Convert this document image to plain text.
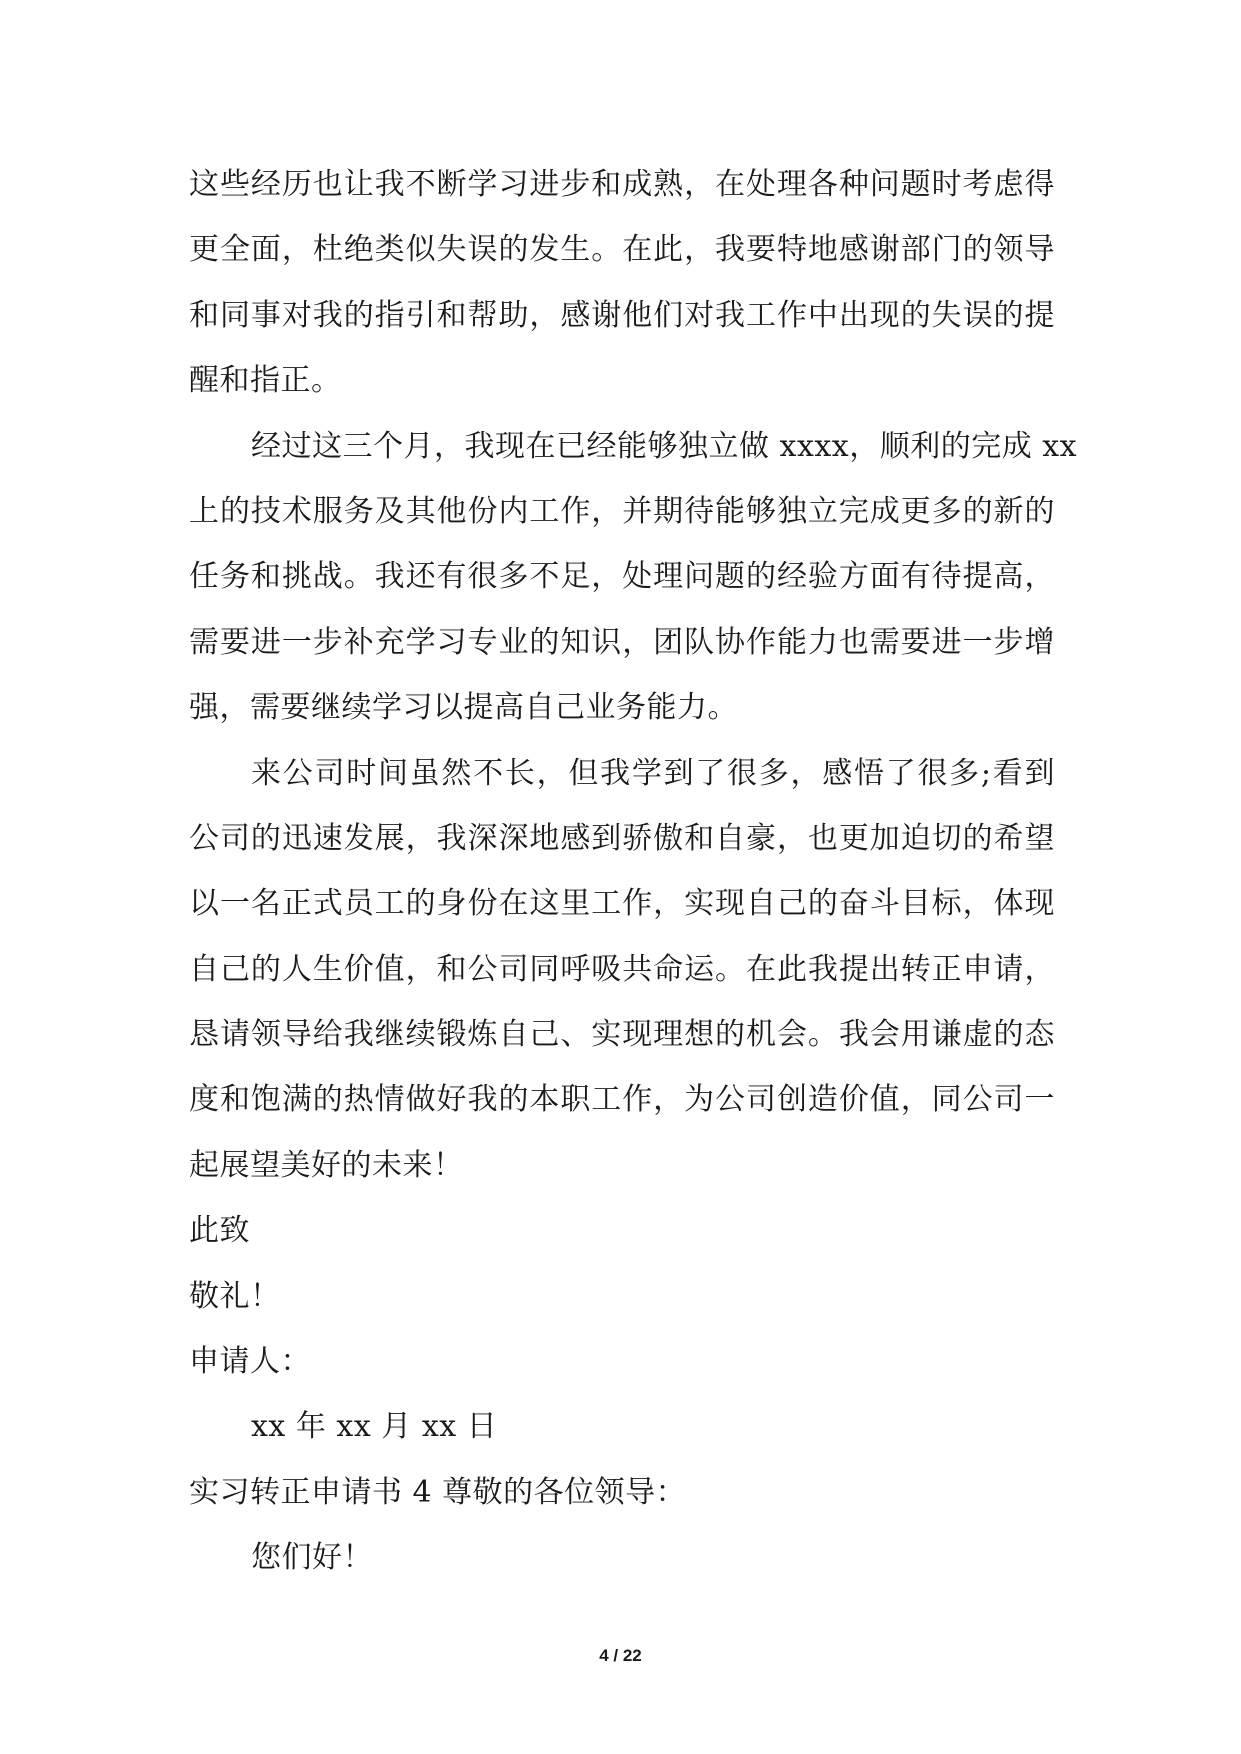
这些经历也让我不断学习进步和成熟，在处理各种问题时考虑得
更全面，杜绝类似失误的发生。在此，我要特地感谢部门的领导
和同事对我的指引和帮助，感谢他们对我工作中出现的失误的提
醒和指正。
经过这三个月，我现在已经能够独立做 xxxx，顺利的完成 xx
上的技术服务及其他份内工作，并期待能够独立完成更多的新的
任务和挑战。我还有很多不足，处理问题的经验方面有待提高，
需要进一步补充学习专业的知识，团队协作能力也需要进一步增
强，需要继续学习以提高自己业务能力。
来公司时间虽然不长，但我学到了很多，感悟了很多;看到
公司的迅速发展，我深深地感到骄傲和自豪，也更加迫切的希望
以一名正式员工的身份在这里工作，实现自己的奋斗目标，体现
自己的人生价值，和公司同呼吸共命运。在此我提出转正申请，
恳请领导给我继续锻炼自己、实现理想的机会。我会用谦虚的态
度和饱满的热情做好我的本职工作，为公司创造价值，同公司一
起展望美好的未来！
此致
敬礼！
申请人：
xx 年 xx 月 xx 日
实习转正申请书 4 尊敬的各位领导：
您们好！
4 / 22
